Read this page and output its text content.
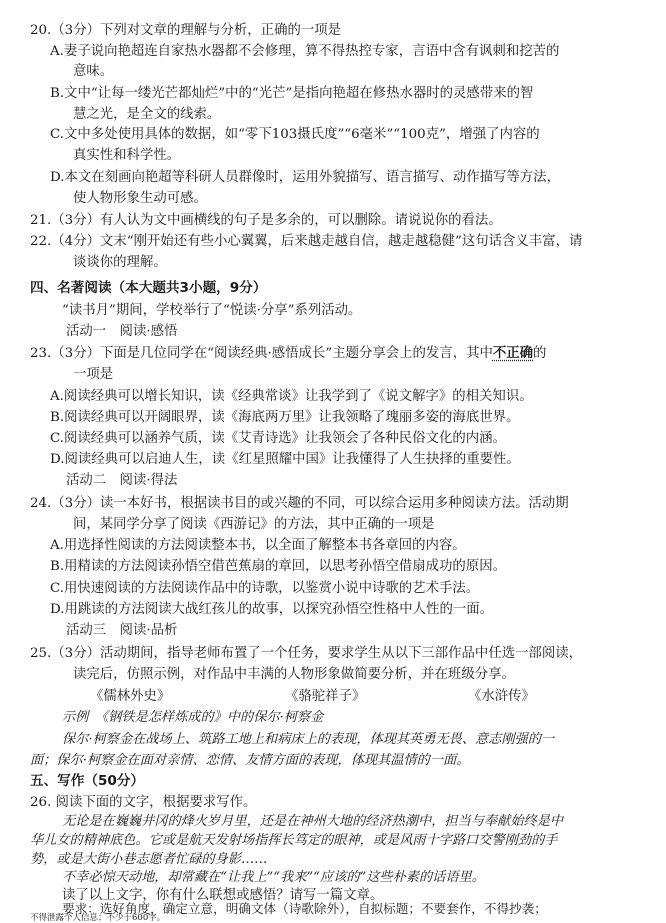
20.（3分）下列对文章的理解与分析，正确的一项是
A.妻子说向艳超连自家热水器都不会修理，算不得热控专家，言语中含有讽刺和挖苦的
意味。
B.文中“让每一缕光芒都灿烂”中的“光芒”是指向艳超在修热水器时的灵感带来的智
慧之光，是全文的线索。
C.文中多处使用具体的数据，如“零下103摄氏度”“6毫米”“100克”，增强了内容的
真实性和科学性。
D.本文在刻画向艳超等科研人员群像时，运用外貌描写、语言描写、动作描写等方法，
使人物形象生动可感。
21.（3分）有人认为文中画横线的句子是多余的，可以删除。请说说你的看法。
22.（4分）文末“刚开始还有些小心翼翼，后来越走越自信，越走越稳健”这句话含义丰富，请
谈谈你的理解。
四、名著阅读（本大题共3小题，9分）
“读书月”期间，学校举行了“悦读·分享”系列活动。
活动一　阅读·感悟
23.（3分）下面是几位同学在“阅读经典·感悟成长”主题分享会上的发言，其中不正确的
一项是
A.阅读经典可以增长知识，读《经典常谈》让我学到了《说文解字》的相关知识。
B.阅读经典可以开阔眼界，读《海底两万里》让我领略了瑰丽多姿的海底世界。
C.阅读经典可以涵养气质，读《艾青诗选》让我领会了各种民俗文化的内涵。
D.阅读经典可以启迪人生，读《红星照耀中国》让我懂得了人生抉择的重要性。
活动二　阅读·得法
24.（3分）读一本好书，根据读书目的或兴趣的不同，可以综合运用多种阅读方法。活动期
间，某同学分享了阅读《西游记》的方法，其中正确的一项是
A.用选择性阅读的方法阅读整本书，以全面了解整本书各章回的内容。
B.用精读的方法阅读孙悟空借芭蕉扇的章回，以思考孙悟空借扇成功的原因。
C.用快速阅读的方法阅读作品中的诗歌，以鉴赏小说中诗歌的艺术手法。
D.用跳读的方法阅读大战红孩儿的故事，以探究孙悟空性格中人性的一面。
活动三　阅读·品析
25.（3分）活动期间，指导老师布置了一个任务，要求学生从以下三部作品中任选一部阅读，
读完后，仿照示例，对作品中丰满的人物形象做简要分析，并在班级分享。
《儒林外史》	《骆驼祥子》	《水浒传》
示例　《钢铁是怎样炼成的》中的保尔·柯察金
保尔·柯察金在战场上、筑路工地上和病床上的表现，体现其英勇无畏、意志刚强的一
面；保尔·柯察金在面对亲情、恋情、友情方面的表现，体现其温情的一面。
五、写作（50分）
26. 阅读下面的文字，根据要求写作。
无论是在巍巍井冈的烽火岁月里，还是在神州大地的经济热潮中，担当与奉献始终是中
华儿女的精神底色。它或是航天发射场指挥长笃定的眼神，或是风雨十字路口交警刚劲的手
势，或是大街小巷志愿者忙碌的身影……
不幸必惊天动地，却常藏在“让我上”“我来”“应该的”这些朴素的话语里。
读了以上文字，你有什么联想或感悟？请写一篇文章。
要求：选好角度，确定立意，明确文体（诗歌除外），自拟标题；不要套作，不得抄袭；
不得泄露个人信息；不少于600字。
